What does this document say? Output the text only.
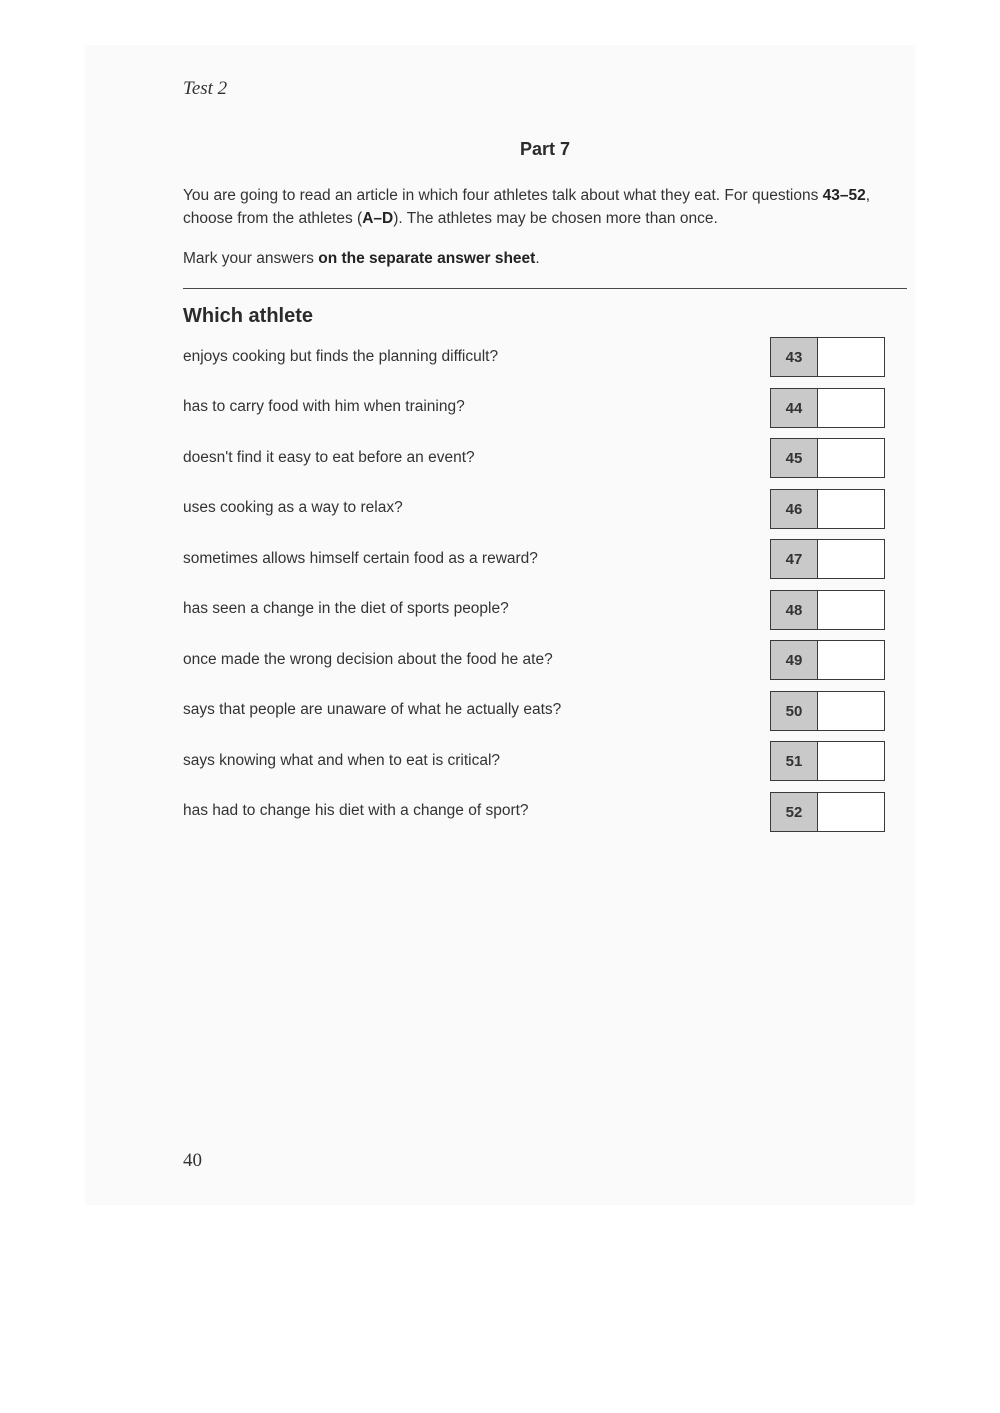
Test 2
Part 7

You are going to read an article in which four athletes talk about what they eat. For questions 43–52, choose from the athletes (A–D). The athletes may be chosen more than once.

Mark your answers on the separate answer sheet.

Which athlete
enjoys cooking but finds the planning difficult?	43
has to carry food with him when training?	44
doesn't find it easy to eat before an event?	45
uses cooking as a way to relax?	46
sometimes allows himself certain food as a reward?	47
has seen a change in the diet of sports people?	48
once made the wrong decision about the food he ate?	49
says that people are unaware of what he actually eats?	50
says knowing what and when to eat is critical?	51
has had to change his diet with a change of sport?	52
40
